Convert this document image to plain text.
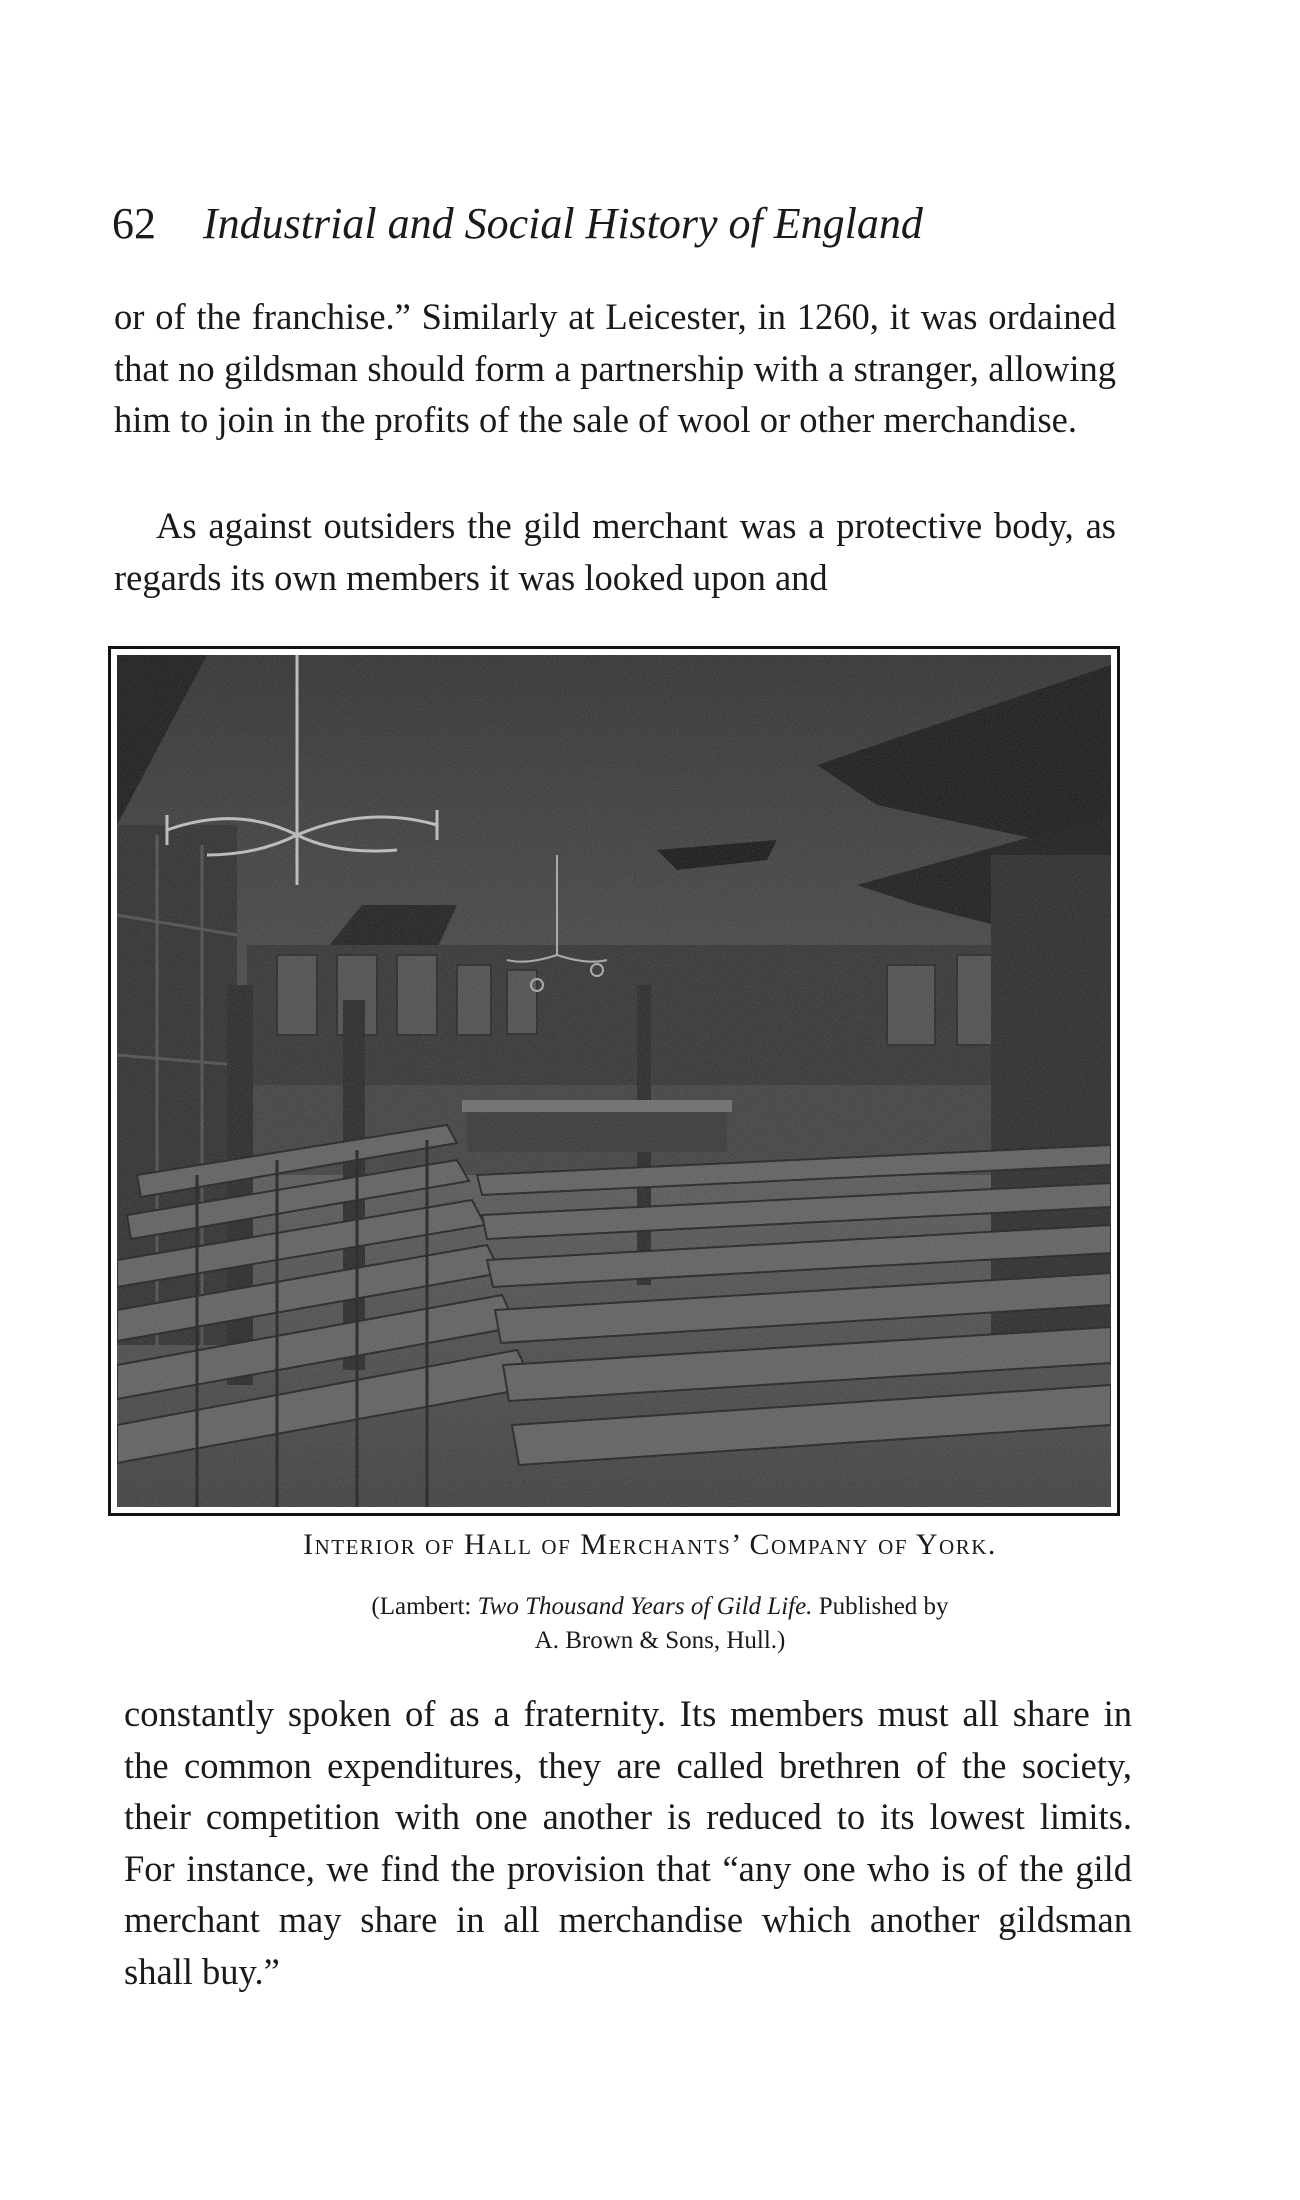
62 Industrial and Social History of England

or of the franchise.” Similarly at Leicester, in 1260, it was ordained that no gildsman should form a partnership with a stranger, allowing him to join in the profits of the sale of wool or other merchandise.

As against outsiders the gild merchant was a protective body, as regards its own members it was looked upon and

Interior of Hall of Merchants’ Company of York.
(Lambert: Two Thousand Years of Gild Life. Published by
A. Brown & Sons, Hull.)

constantly spoken of as a fraternity. Its members must all share in the common expenditures, they are called brethren of the society, their competition with one another is reduced to its lowest limits. For instance, we find the provision that “any one who is of the gild merchant may share in all merchandise which another gildsman shall buy.”
